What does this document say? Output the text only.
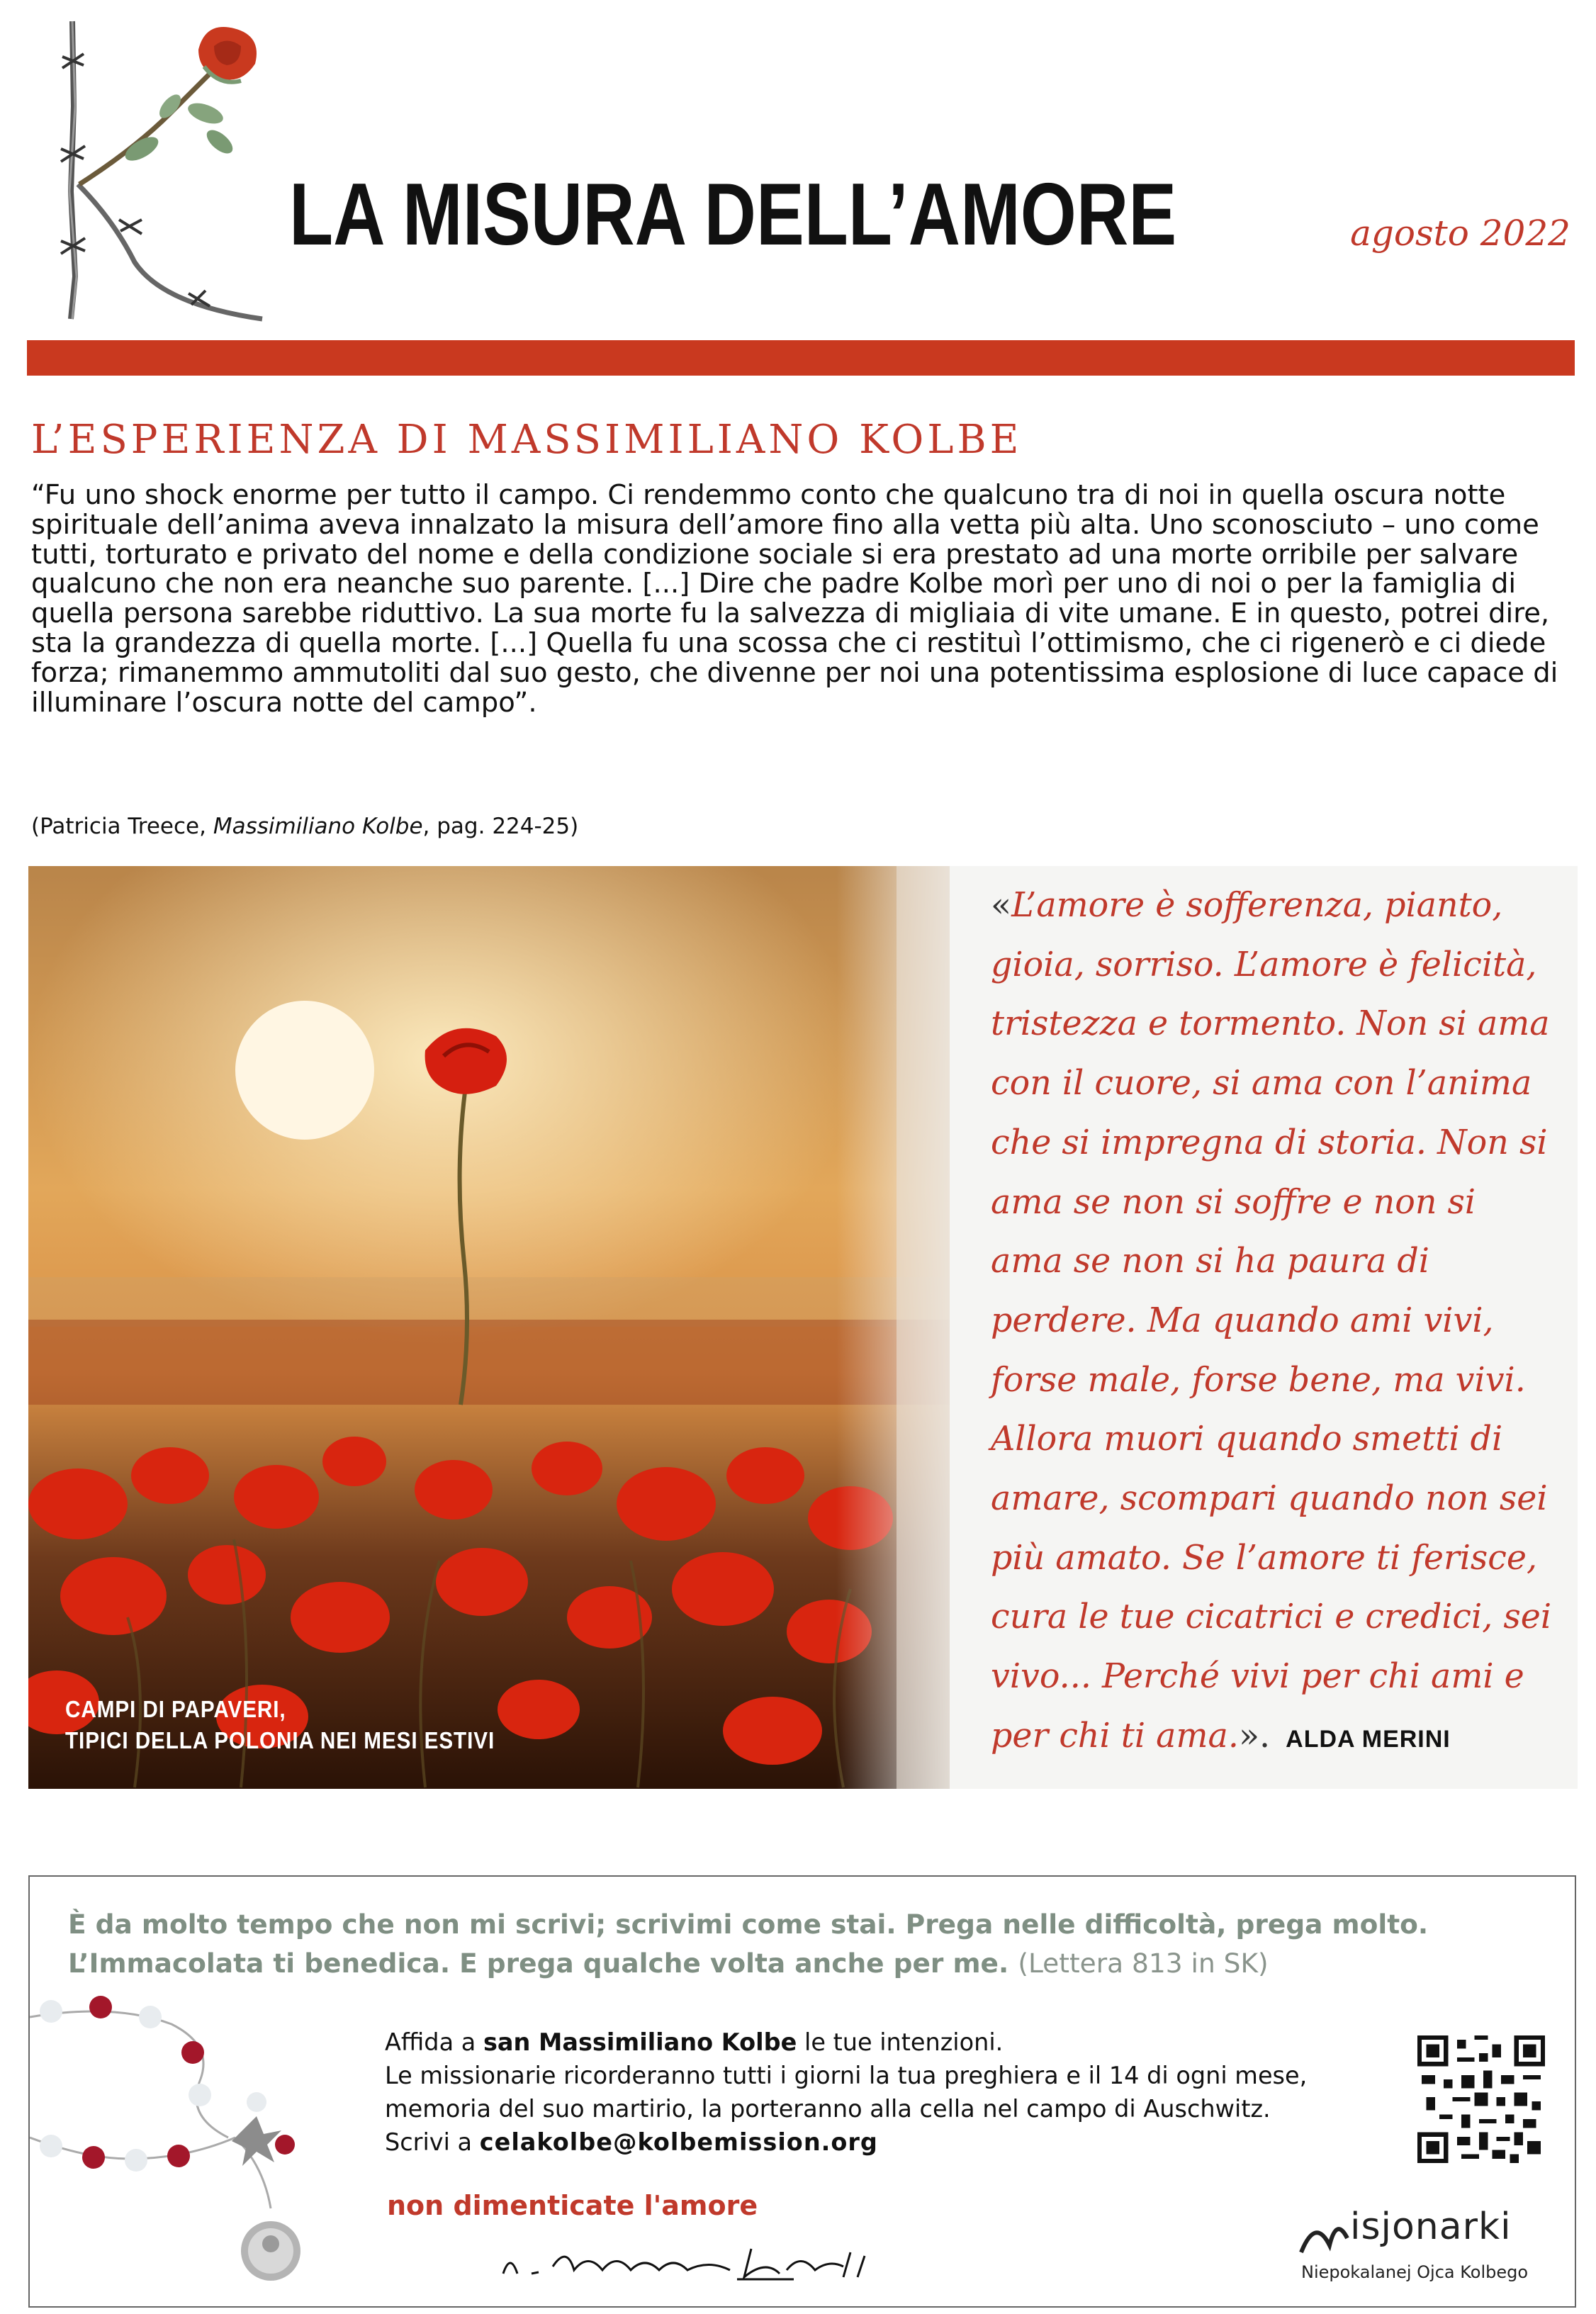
LA MISURA DELL’AMORE	agosto 2022
L’ESPERIENZA DI MASSIMILIANO KOLBE
“Fu uno shock enorme per tutto il campo. Ci rendemmo conto che qualcuno tra di noi in quella oscura notte spirituale dell’anima aveva innalzato la misura dell’amore fino alla vetta più alta. Uno sconosciuto – uno come tutti, torturato e privato del nome e della condizione sociale si era prestato ad una morte orribile per salvare qualcuno che non era neanche suo parente. [...] Dire che padre Kolbe morì per uno di noi o per la famiglia di quella persona sarebbe riduttivo. La sua morte fu la salvezza di migliaia di vite umane. E in questo, potrei dire, sta la grandezza di quella morte. [...] Quella fu una scossa che ci restituì l’ottimismo, che ci rigenerò e ci diede forza; rimanemmo ammutoliti dal suo gesto, che divenne per noi una potentissima esplosione di luce capace di illuminare l’oscura notte del campo”.
(Patricia Treece, Massimiliano Kolbe, pag. 224-25)
CAMPI DI PAPAVERI,
TIPICI DELLA POLONIA NEI MESI ESTIVI
«L’amore è sofferenza, pianto, gioia, sorriso. L’amore è felicità, tristezza e tormento. Non si ama con il cuore, si ama con l’anima che si impregna di storia. Non si ama se non si soffre e non si ama se non si ha paura di perdere. Ma quando ami vivi, forse male, forse bene, ma vivi. Allora muori quando smetti di amare, scompari quando non sei più amato. Se l’amore ti ferisce, cura le tue cicatrici e credici, sei vivo... Perché vivi per chi ami e per chi ti ama.». ALDA MERINI
È da molto tempo che non mi scrivi; scrivimi come stai. Prega nelle difficoltà, prega molto. L’Immacolata ti benedica. E prega qualche volta anche per me. (Lettera 813 in SK)
Affida a san Massimiliano Kolbe le tue intenzioni.
Le missionarie ricorderanno tutti i giorni la tua preghiera e il 14 di ogni mese, memoria del suo martirio, la porteranno alla cella nel campo di Auschwitz.
Scrivi a celakolbe@kolbemission.org
non dimenticate l'amore	isjonarki
Niepokalanej Ojca Kolbego
